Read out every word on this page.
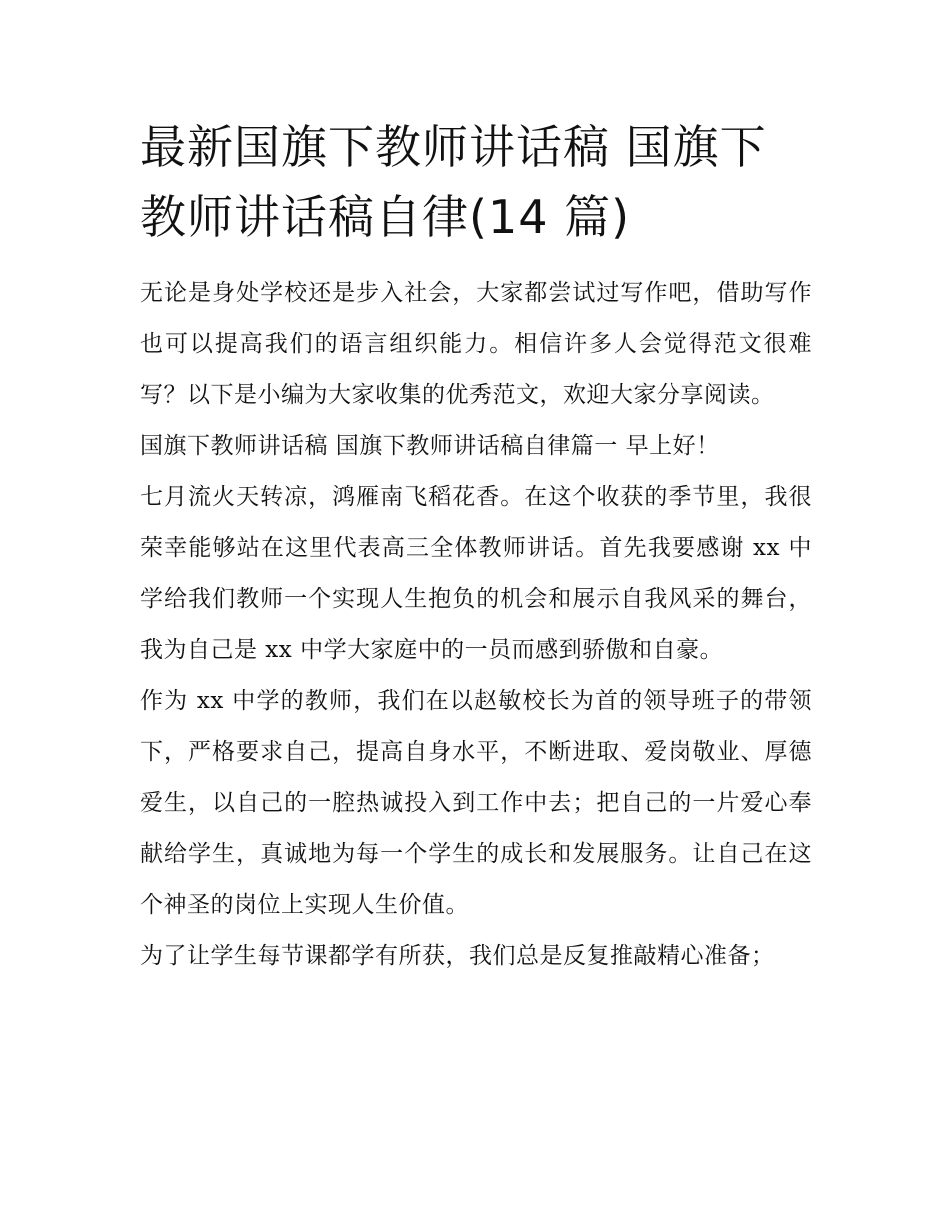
最新国旗下教师讲话稿 国旗下教师讲话稿自律(14 篇)

无论是身处学校还是步入社会，大家都尝试过写作吧，借助写作也可以提高我们的语言组织能力。相信许多人会觉得范文很难写？以下是小编为大家收集的优秀范文，欢迎大家分享阅读。

国旗下教师讲话稿 国旗下教师讲话稿自律篇一 早上好！

七月流火天转凉，鸿雁南飞稻花香。在这个收获的季节里，我很荣幸能够站在这里代表高三全体教师讲话。首先我要感谢 xx 中学给我们教师一个实现人生抱负的机会和展示自我风采的舞台，我为自己是 xx 中学大家庭中的一员而感到骄傲和自豪。

作为 xx 中学的教师，我们在以赵敏校长为首的领导班子的带领下，严格要求自己，提高自身水平，不断进取、爱岗敬业、厚德爱生，以自己的一腔热诚投入到工作中去；把自己的一片爱心奉献给学生，真诚地为每一个学生的成长和发展服务。让自己在这个神圣的岗位上实现人生价值。

为了让学生每节课都学有所获，我们总是反复推敲精心准备；
